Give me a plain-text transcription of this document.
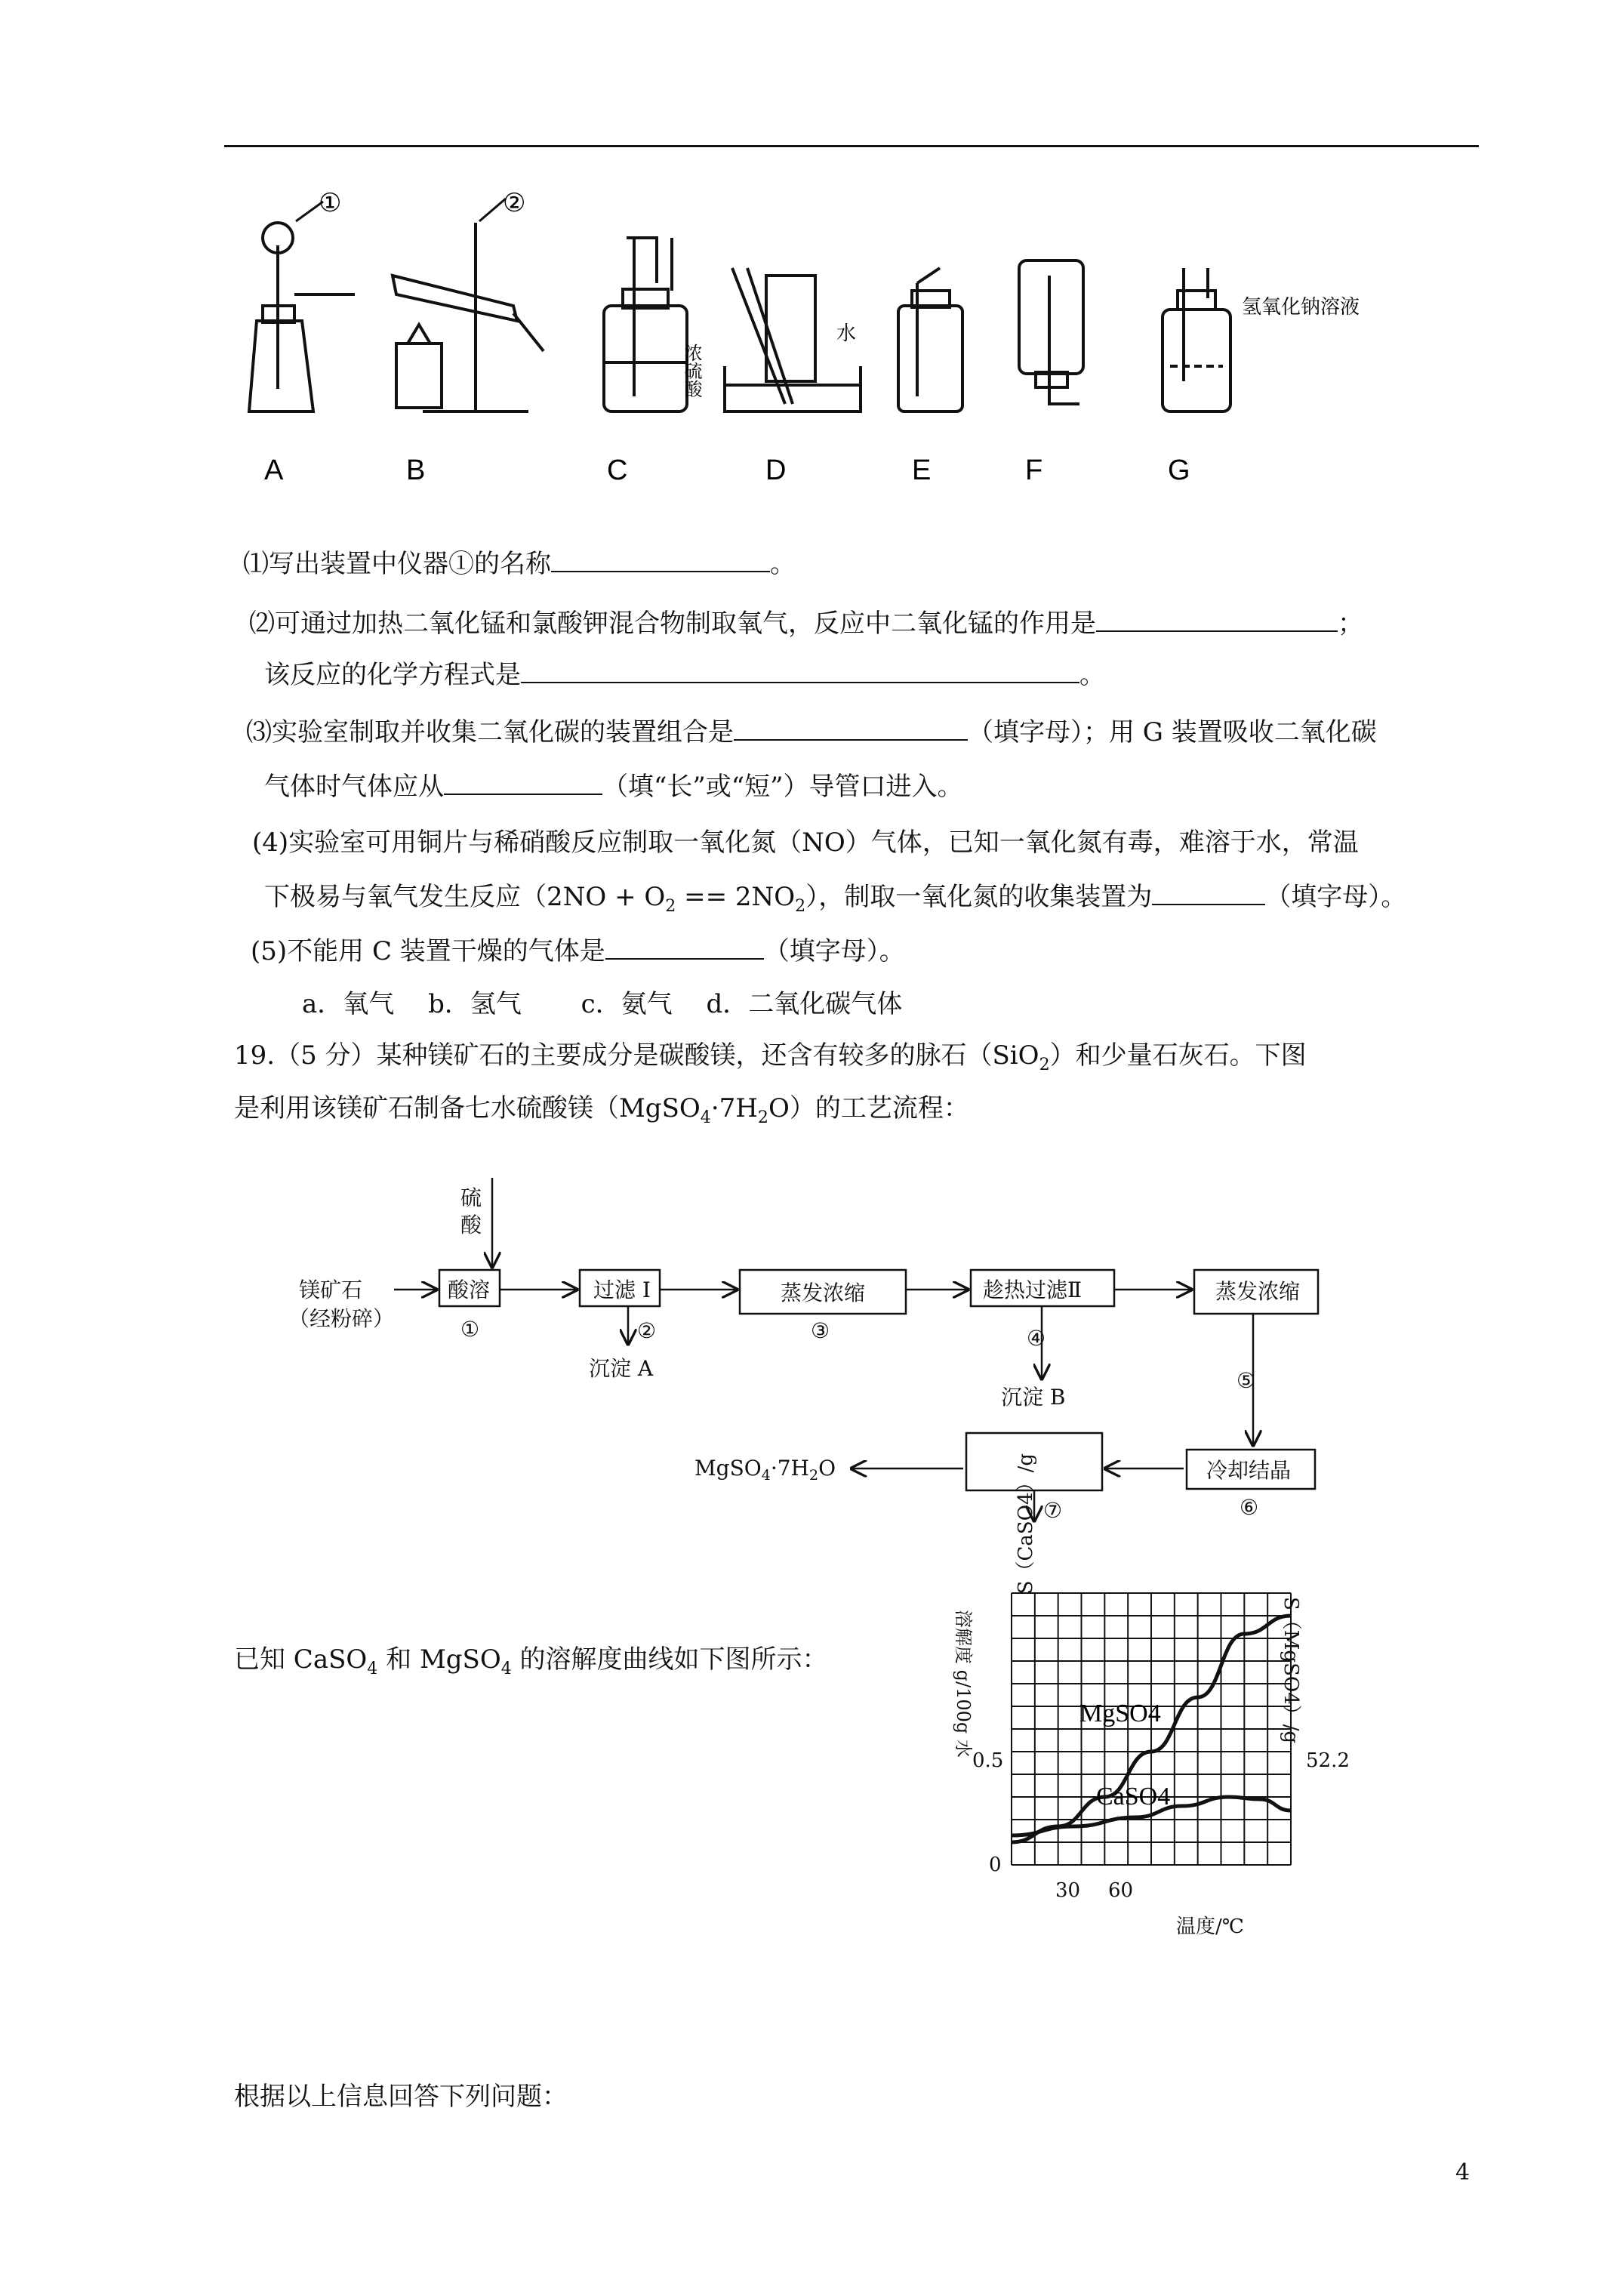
①	②
浓硫酸
水
氢氧化钠溶液
A	B	C	D	E	F	G
⑴写出装置中仪器①的名称	。
⑵可通过加热二氧化锰和氯酸钾混合物制取氧气，反应中二氧化锰的作用是	；
该反应的化学方程式是	。
⑶实验室制取并收集二氧化碳的装置组合是	（填字母）；用 G 装置吸收二氧化碳
气体时气体应从	（填“长”或“短”）导管口进入。
(4)实验室可用铜片与稀硝酸反应制取一氧化氮（NO）气体，已知一氧化氮有毒，难溶于水，常温
下极易与氧气发生反应$(2NO + O_2 == 2NO_2)$，制取一氧化氮的收集装置为	（填字母）。
(5)不能用 C 装置干燥的气体是	（填字母）。
a．氧气　 b．氢气　　 c．氨气　 d．二氧化碳气体
19.（5 分）某种镁矿石的主要成分是碳酸镁，还含有较多的脉石（SiO$_2$）和少量石灰石。下图
是利用该镁矿石制备七水硫酸镁$(MgSO_4\cdot 7H_2O)$的工艺流程：
硫
酸
镁矿石
（经粉碎）
酸溶	过滤 I	蒸发浓缩	趁热过滤Ⅱ	蒸发浓缩
冷却结晶
①	②	③	④
⑤
⑥
⑦
沉淀 A
沉淀 B
$MgSO_4\cdot 7H_2O$
已知 CaSO$_4$ 和 MgSO$_4$ 的溶解度曲线如下图所示：
S（CaSO4）/g
S（MgSO4）/g
溶解度 g/100g 水
0
0.5	52.2
30 60
温度/℃
MgSO4
CaSO4
根据以上信息回答下列问题：
4
